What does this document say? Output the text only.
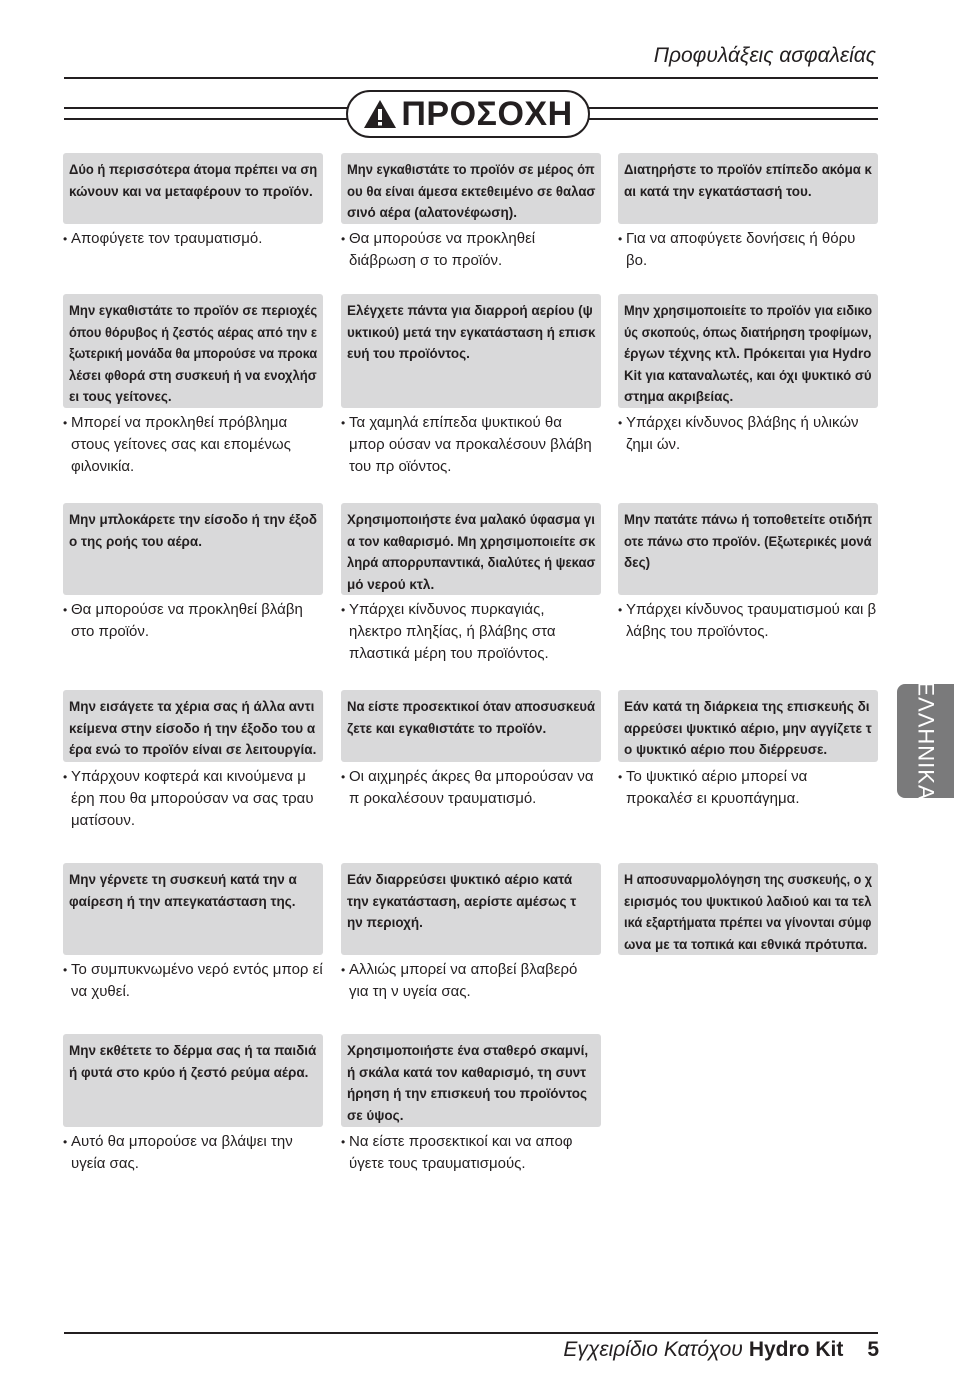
Προφυλάξεις ασφαλείας
ΠΡΟΣΟΧΗ
Δύο ή περισσότερα άτομα πρέπει να ση
κώνουν και να μεταφέρουν το προϊόν.
• Αποφύγετε τον τραυματισμό.
Μην εγκαθιστάτε το προϊόν σε μέρος όπ
ου θα είναι άμεσα εκτεθειμένο σε θαλασ
σινό αέρα (αλατονέφωση).
• Θα μπορούσε να προκληθεί διάβρωση σ το προϊόν.
Διατηρήστε το προϊόν επίπεδο ακόμα κ
αι κατά την εγκατάστασή του.
• Για να αποφύγετε δονήσεις ή θόρυ βο.
Μην εγκαθιστάτε το προϊόν σε περιοχές
όπου θόρυβος ή ζεστός αέρας από την ε
ξωτερική μονάδα θα μπορούσε να προκα
λέσει φθορά στη συσκευή ή να ενοχλήσ
ει τους γείτονες.
• Μπορεί να προκληθεί πρόβλημα στους γείτονες σας και επομένως φιλονικία.
Ελέγχετε πάντα για διαρροή αερίου (ψ
υκτικού) μετά την εγκατάσταση ή επισκ
ευή του προϊόντος.
• Τα χαμηλά επίπεδα ψυκτικού θα μπορ ούσαν να προκαλέσουν βλάβη του πρ οϊόντος.
Μην χρησιμοποιείτε το προϊόν για ειδικο
ύς σκοπούς, όπως διατήρηση τροφίμων,
έργων τέχνης κτλ. Πρόκειται για Hydro
Kit για καταναλωτές, και όχι ψυκτικό σύ
στημα ακριβείας.
• Υπάρχει κίνδυνος βλάβης ή υλικών ζημι ών.
Μην μπλοκάρετε την είσοδο ή την έξοδ
ο της ροής του αέρα.
• Θα μπορούσε να προκληθεί βλάβη στο προϊόν.
Χρησιμοποιήστε ένα μαλακό ύφασμα γι
α τον καθαρισμό. Μη χρησιμοποιείτε σκ
ληρά απορρυπαντικά, διαλύτες ή ψεκασ
μό νερού κτλ.
• Υπάρχει κίνδυνος πυρκαγιάς, ηλεκτρο πληξίας, ή βλάβης στα πλαστικά μέρη του προϊόντος.
Μην πατάτε πάνω ή τοποθετείτε οτιδήπ
οτε πάνω στο προϊόν. (Εξωτερικές μονά
δες)
• Υπάρχει κίνδυνος τραυματισμού και β λάβης του προϊόντος.
Μην εισάγετε τα χέρια σας ή άλλα αντι
κείμενα στην είσοδο ή την έξοδο του α
έρα ενώ το προϊόν είναι σε λειτουργία.
• Υπάρχουν κοφτερά και κινούμενα μ έρη που θα μπορούσαν να σας τραυ ματίσουν.
Να είστε προσεκτικοί όταν αποσυσκευά
ζετε και εγκαθιστάτε το προϊόν.
• Οι αιχμηρές άκρες θα μπορούσαν να π ροκαλέσουν τραυματισμό.
Εάν κατά τη διάρκεια της επισκευής δι
αρρεύσει ψυκτικό αέριο, μην αγγίζετε τ
ο ψυκτικό αέριο που διέρρευσε.
• Το ψυκτικό αέριο μπορεί να προκαλέσ ει κρυοπάγημα.
Μην γέρνετε τη συσκευή κατά την α
φαίρεση ή την απεγκατάσταση της.
• Το συμπυκνωμένο νερό εντός μπορ εί να χυθεί.
Εάν διαρρεύσει ψυκτικό αέριο κατά
την εγκατάσταση, αερίστε αμέσως τ
ην περιοχή.
• Αλλιώς μπορεί να αποβεί βλαβερό για τη ν υγεία σας.
Η αποσυναρμολόγηση της συσκευής, ο χ
ειρισμός του ψυκτικού λαδιού και τα τελ
ικά εξαρτήματα πρέπει να γίνονται σύμφ
ωνα με τα τοπικά και εθνικά πρότυπα.
Μην εκθέτετε το δέρμα σας ή τα παιδιά
ή φυτά στο κρύο ή ζεστό ρεύμα αέρα.
• Αυτό θα μπορούσε να βλάψει την υγεία σας.
Χρησιμοποιήστε ένα σταθερό σκαμνί,
ή σκάλα κατά τον καθαρισμό, τη συντ
ήρηση ή την επισκευή του προϊόντος
σε ύψος.
• Να είστε προσεκτικοί και να αποφ ύγετε τους τραυματισμούς.
ΕΛΛΗΝΙΚΑ
Εγχειρίδιο Κατόχου Hydro Kit 5
